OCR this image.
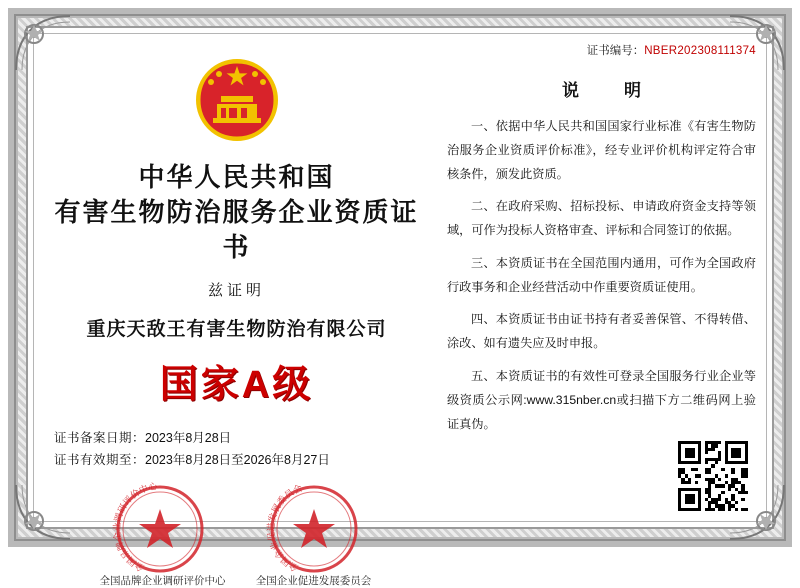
中华人民共和国
有害生物防治服务企业资质证书
兹证明
重庆天敌王有害生物防治有限公司
国家A级
证书备案日期：2023年8月28日
证书有效期至：2023年8月28日至2026年8月27日
全国品牌企业调研评价中心
全国品牌企业调研评价中心
全国企业促进发展委员会
全国企业促进发展委员会
证书编号：NBER202308111374
说　明
一、依据中华人民共和国国家行业标准《有害生物防治服务企业资质评价标准》，经专业评价机构评定符合审核条件，颁发此资质。
二、在政府采购、招标投标、申请政府资金支持等领域，可作为投标人资格审查、评标和合同签订的依据。
三、本资质证书在全国范围内通用，可作为全国政府行政事务和企业经营活动中作重要资质证使用。
四、本资质证书由证书持有者妥善保管、不得转借、涂改、如有遗失应及时申报。
五、本资质证书的有效性可登录全国服务行业企业等级资质公示网:www.315nber.cn或扫描下方二维码网上验证真伪。
